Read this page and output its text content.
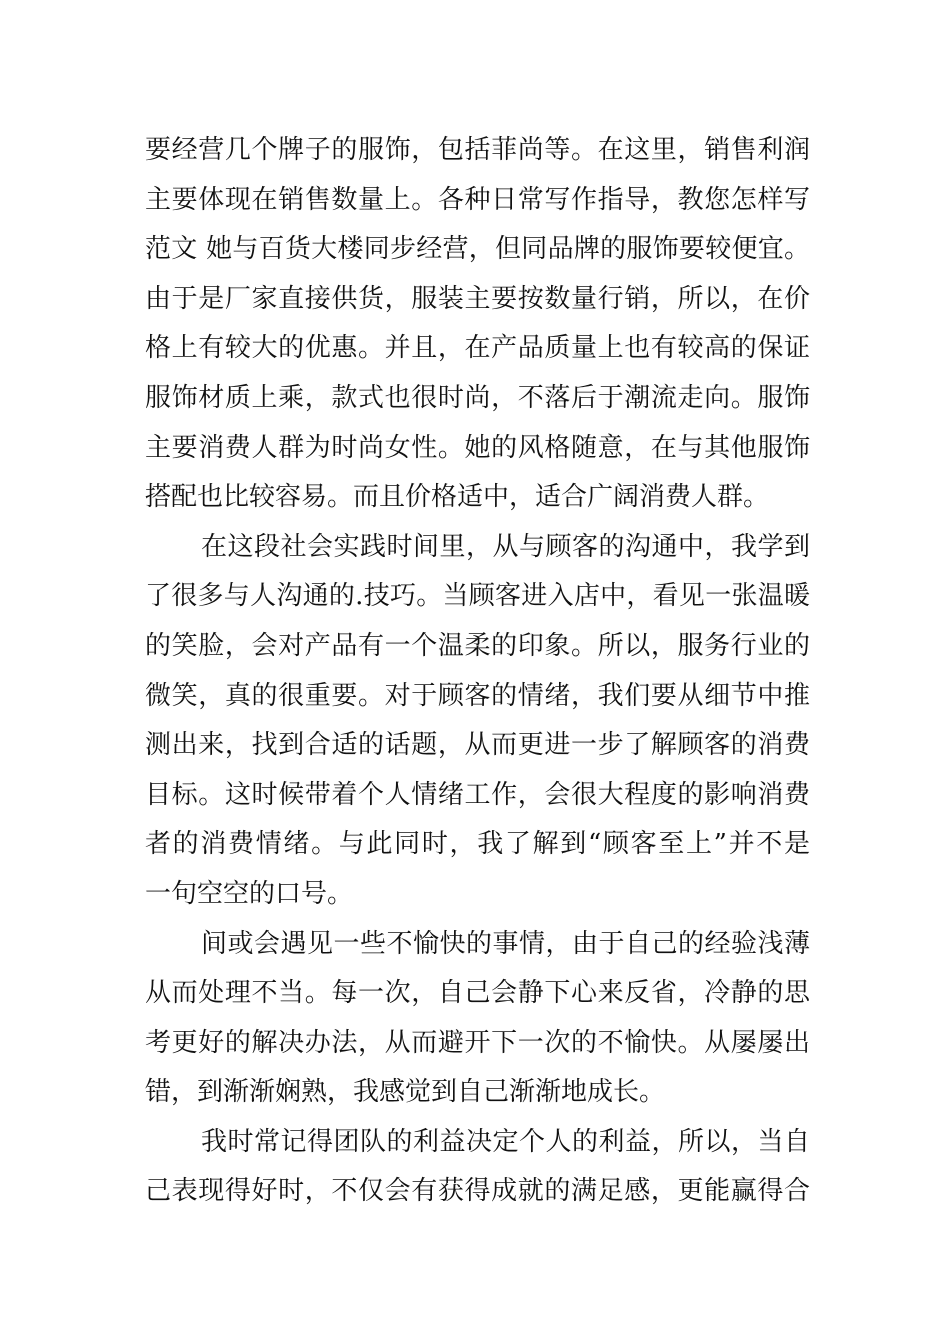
要经营几个牌子的服饰，包括菲尚等。在这里，销售利润
主要体现在销售数量上。各种日常写作指导，教您怎样写
范文 她与百货大楼同步经营，但同品牌的服饰要较便宜。
由于是厂家直接供货，服装主要按数量行销，所以，在价
格上有较大的优惠。并且，在产品质量上也有较高的保证
服饰材质上乘，款式也很时尚，不落后于潮流走向。服饰
主要消费人群为时尚女性。她的风格随意，在与其他服饰
搭配也比较容易。而且价格适中，适合广阔消费人群。
在这段社会实践时间里，从与顾客的沟通中，我学到
了很多与人沟通的.技巧。当顾客进入店中，看见一张温暖
的笑脸，会对产品有一个温柔的印象。所以，服务行业的
微笑，真的很重要。对于顾客的情绪，我们要从细节中推
测出来，找到合适的话题，从而更进一步了解顾客的消费
目标。这时候带着个人情绪工作，会很大程度的影响消费
者的消费情绪。与此同时，我了解到“顾客至上”并不是
一句空空的口号。
间或会遇见一些不愉快的事情，由于自己的经验浅薄
从而处理不当。每一次，自己会静下心来反省，冷静的思
考更好的解决办法，从而避开下一次的不愉快。从屡屡出
错，到渐渐娴熟，我感觉到自己渐渐地成长。
我时常记得团队的利益决定个人的利益，所以，当自
己表现得好时，不仅会有获得成就的满足感，更能赢得合
